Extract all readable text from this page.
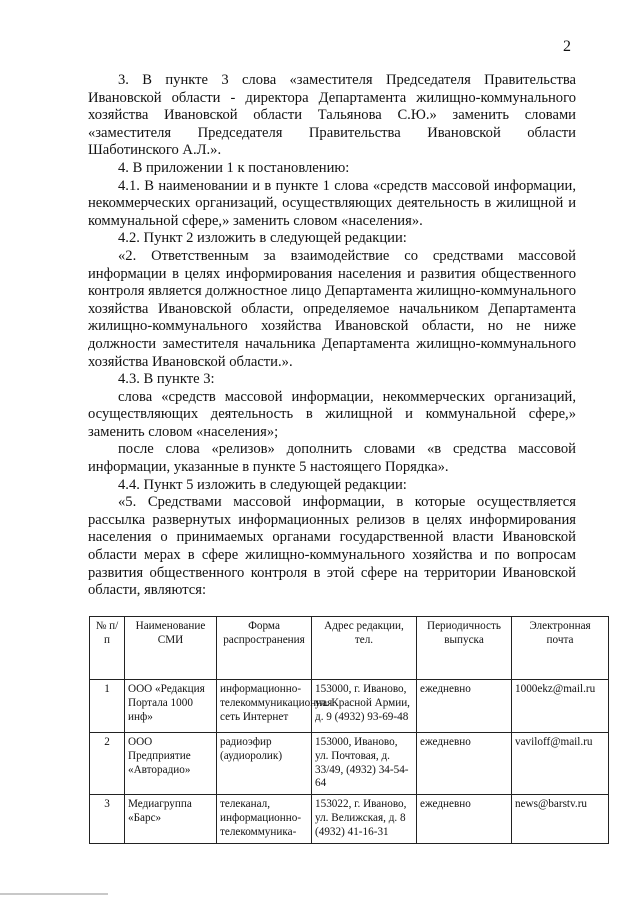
2

3. В пункте 3 слова «заместителя Председателя Правительства Ивановской области - директора Департамента жилищно-коммунального хозяйства Ивановской области Тальянова С.Ю.» заменить словами «заместителя Председателя Правительства Ивановской области Шаботинского А.Л.».

4. В приложении 1 к постановлению:

4.1. В наименовании и в пункте 1 слова «средств массовой информации, некоммерческих организаций, осуществляющих деятельность в жилищной и коммунальной сфере,» заменить словом «населения».

4.2. Пункт 2 изложить в следующей редакции:

«2. Ответственным за взаимодействие со средствами массовой информации в целях информирования населения и развития общественного контроля является должностное лицо Департамента жилищно-коммунального хозяйства Ивановской области, определяемое начальником Департамента жилищно-коммунального хозяйства Ивановской области, но не ниже должности заместителя начальника Департамента жилищно-коммунального хозяйства Ивановской области.».

4.3. В пункте 3:

слова «средств массовой информации, некоммерческих организаций, осуществляющих деятельность в жилищной и коммунальной сфере,» заменить словом «населения»;

после слова «релизов» дополнить словами «в средства массовой информации, указанные в пункте 5 настоящего Порядка».

4.4. Пункт 5 изложить в следующей редакции:

«5. Средствами массовой информации, в которые осуществляется рассылка развернутых информационных релизов в целях информирования населения о принимаемых органами государственной власти Ивановской области мерах в сфере жилищно-коммунального хозяйства и по вопросам развития общественного контроля в этой сфере на территории Ивановской области, являются:

№ п/п	Наименование СМИ	Форма распространения	Адрес редакции, тел.	Периодичность выпуска	Электронная почта
1	ООО «Редакция Портала 1000 инф»	информационно-телекоммуникационная сеть Интернет	153000, г. Иваново, ул. Красной Армии, д. 9 (4932) 93-69-48	ежедневно	1000ekz@mail.ru
2	ООО Предприятие «Авторадио»	радиоэфир (аудиоролик)	153000, Иваново, ул. Почтовая, д. 33/49, (4932) 34-54-64	ежедневно	vaviloff@mail.ru
3	Медиагруппа «Барс»	телеканал, информационно-телекоммуника-	153022, г. Иваново, ул. Велижская, д. 8 (4932) 41-16-31	ежедневно	news@barstv.ru
